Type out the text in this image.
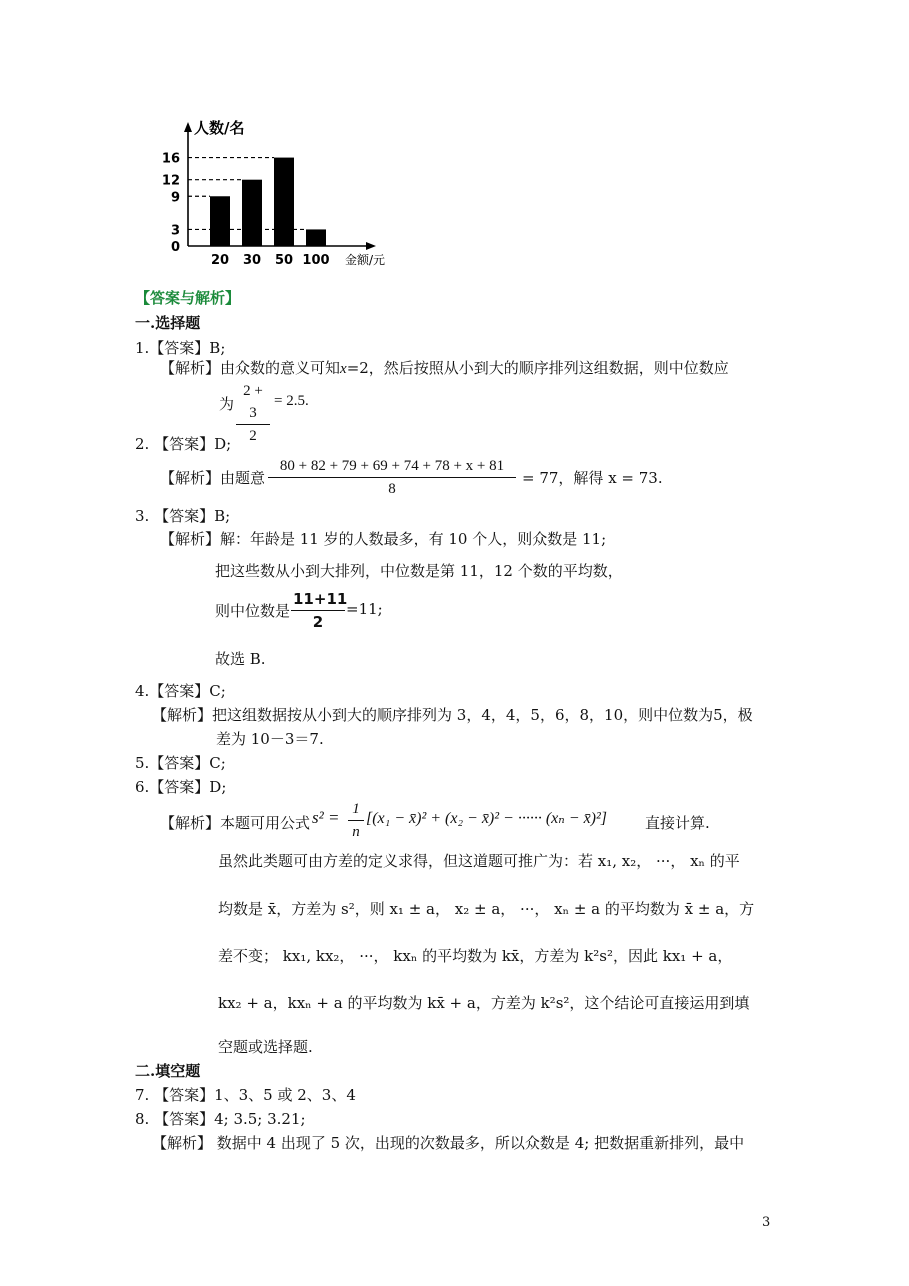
人数/名
金额/元
16
12
9
3
0
20 30 50 100
【答案与解析】
一.选择题
1.【答案】B;
【解析】由众数的意义可知x=2，然后按照从小到大的顺序排列这组数据，则中位数应
为 $\frac{2 + 3}{2} = 2.5$.
2. 【答案】D;
【解析】由题意 $\frac{80 + 82 + 79 + 69 + 74 + 78 + x + 81}{8} = 77$，解得 x = 73.
3. 【答案】B;
【解析】解：年龄是 11 岁的人数最多，有 10 个人，则众数是 11;
把这些数从小到大排列，中位数是第 11，12 个数的平均数，
则中位数是 $\frac{11+11}{2} =11$;
故选 B.
4.【答案】C;
【解析】把这组数据按从小到大的顺序排列为 3，4，4，5，6，8，10，则中位数为5，极
差为 10－3＝7.
5.【答案】C;
6.【答案】D;
【解析】本题可用公式 $s^2 = \frac{1}{n} [(x_1$ − x̄)² + (x₂ − x̄)² − ······ (xₙ − x̄)²]	直接计算.
虽然此类题可由方差的定义求得，但这道题可推广为：若 x₁, x₂， ···， xₙ 的平
均数是 x̄，方差为 s²，则 x₁ ± a， x₂ ± a， ···， xₙ ± a 的平均数为 x̄ ± a，方
差不变； kx₁, kx₂， ···， kxₙ 的平均数为 kx̄，方差为 k²s²，因此 kx₁ + a，
kx₂ + a，kxₙ + a 的平均数为 kx̄ + a，方差为 k²s²，这个结论可直接运用到填
空题或选择题.
二.填空题
7. 【答案】1、3、5 或 2、3、4
8. 【答案】4; 3.5; 3.21;
【解析】 数据中 4 出现了 5 次，出现的次数最多，所以众数是 4; 把数据重新排列，最中
3
